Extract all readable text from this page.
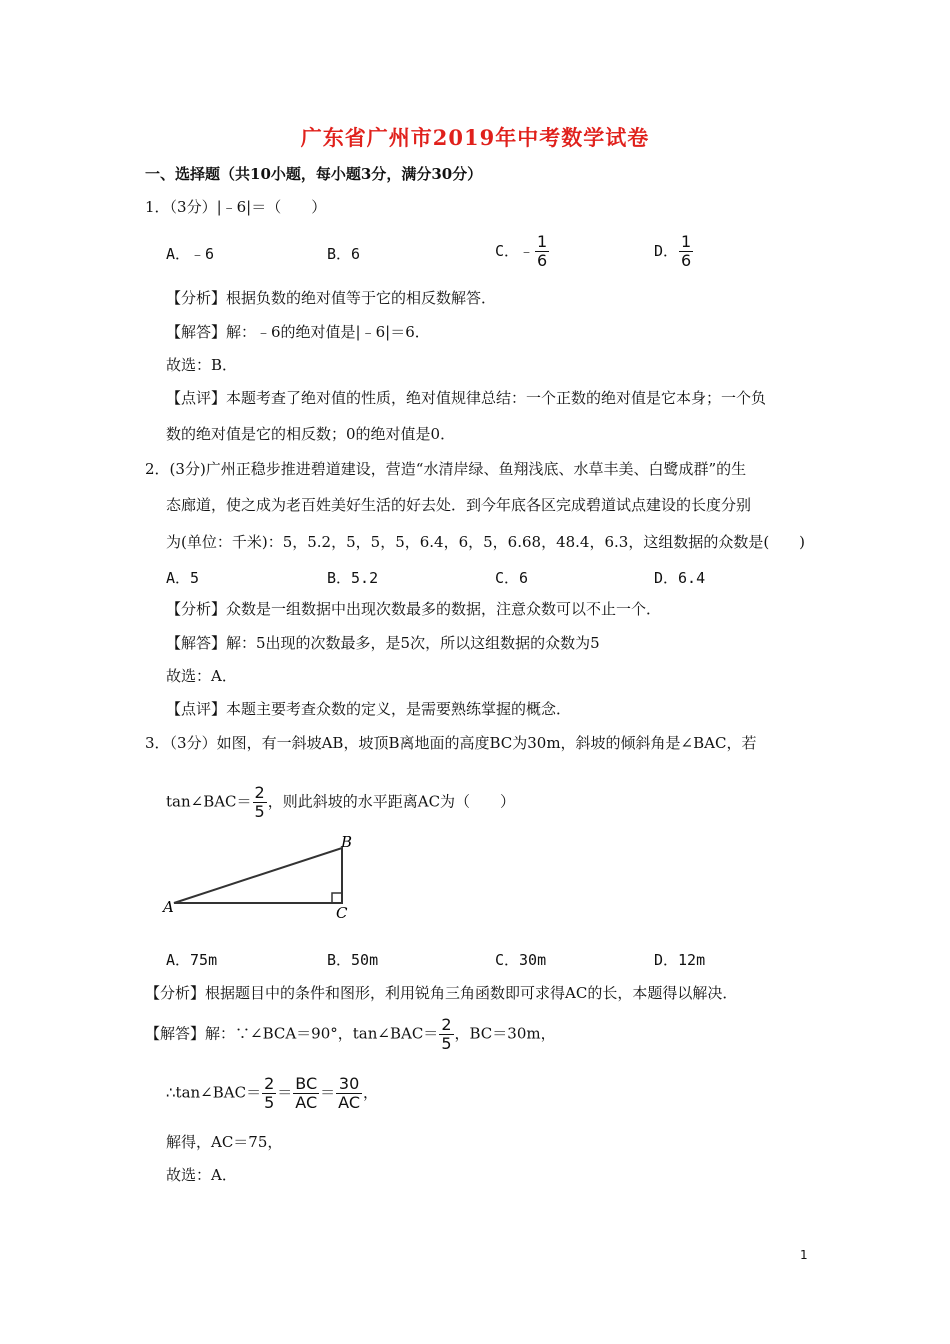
广东省广州市2019年中考数学试卷
一、选择题（共10小题，每小题3分，满分30分）
1．（3分）|﹣6|＝（　　）
A．﹣6	B．6	C．﹣ $\frac{1}{6}$	D． $\frac{1}{6}$
【分析】根据负数的绝对值等于它的相反数解答．
【解答】解：﹣6的绝对值是|﹣6|＝6．
故选：B．
【点评】本题考查了绝对值的性质，绝对值规律总结：一个正数的绝对值是它本身；一个负
数的绝对值是它的相反数；0的绝对值是0．
2．(3分)广州正稳步推进碧道建设，营造“水清岸绿、鱼翔浅底、水草丰美、白鹭成群”的生
态廊道，使之成为老百姓美好生活的好去处．到今年底各区完成碧道试点建设的长度分别
为(单位：千米)：5，5.2，5，5，5，6.4，6，5，6.68，48.4，6.3，这组数据的众数是(　　)
A．5	B．5.2	C．6	D．6.4
【分析】众数是一组数据中出现次数最多的数据，注意众数可以不止一个．
【解答】解：5出现的次数最多，是5次，所以这组数据的众数为5
故选：A．
【点评】本题主要考查众数的定义，是需要熟练掌握的概念．
3．（3分）如图，有一斜坡AB，坡顶B离地面的高度BC为30m，斜坡的倾斜角是∠BAC，若
tan∠BAC＝ $\frac{2}{5}$ ，则此斜坡的水平距离AC为（　　）
A
B
C
A．75m	B．50m	C．30m	D．12m
【分析】根据题目中的条件和图形，利用锐角三角函数即可求得AC的长，本题得以解决．
【解答】解：∵∠BCA＝90°，tan∠BAC＝ $\frac{2}{5}$ ，BC＝30m，
∴tan∠BAC＝ $\frac{2}{5} = \frac{BC}{AC} = \frac{30}{AC}$ ，
解得，AC＝75，
故选：A．
1
